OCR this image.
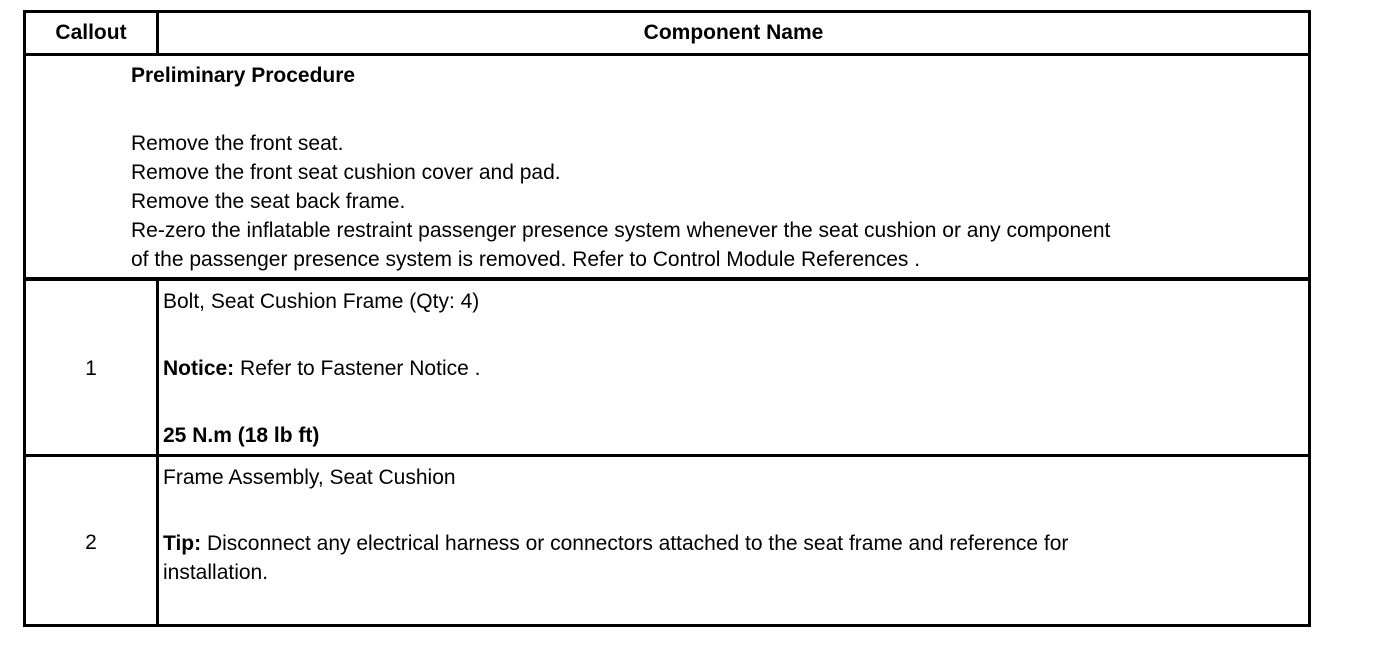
Callout	Component Name
Preliminary Procedure
Remove the front seat.
Remove the front seat cushion cover and pad.
Remove the seat back frame.
Re-zero the inflatable restraint passenger presence system whenever the seat cushion or any component
of the passenger presence system is removed. Refer to Control Module References .
1
Bolt, Seat Cushion Frame (Qty: 4)
Notice: Refer to Fastener Notice .
25 N.m (18 lb ft)
2
Frame Assembly, Seat Cushion
Tip: Disconnect any electrical harness or connectors attached to the seat frame and reference for
installation.
